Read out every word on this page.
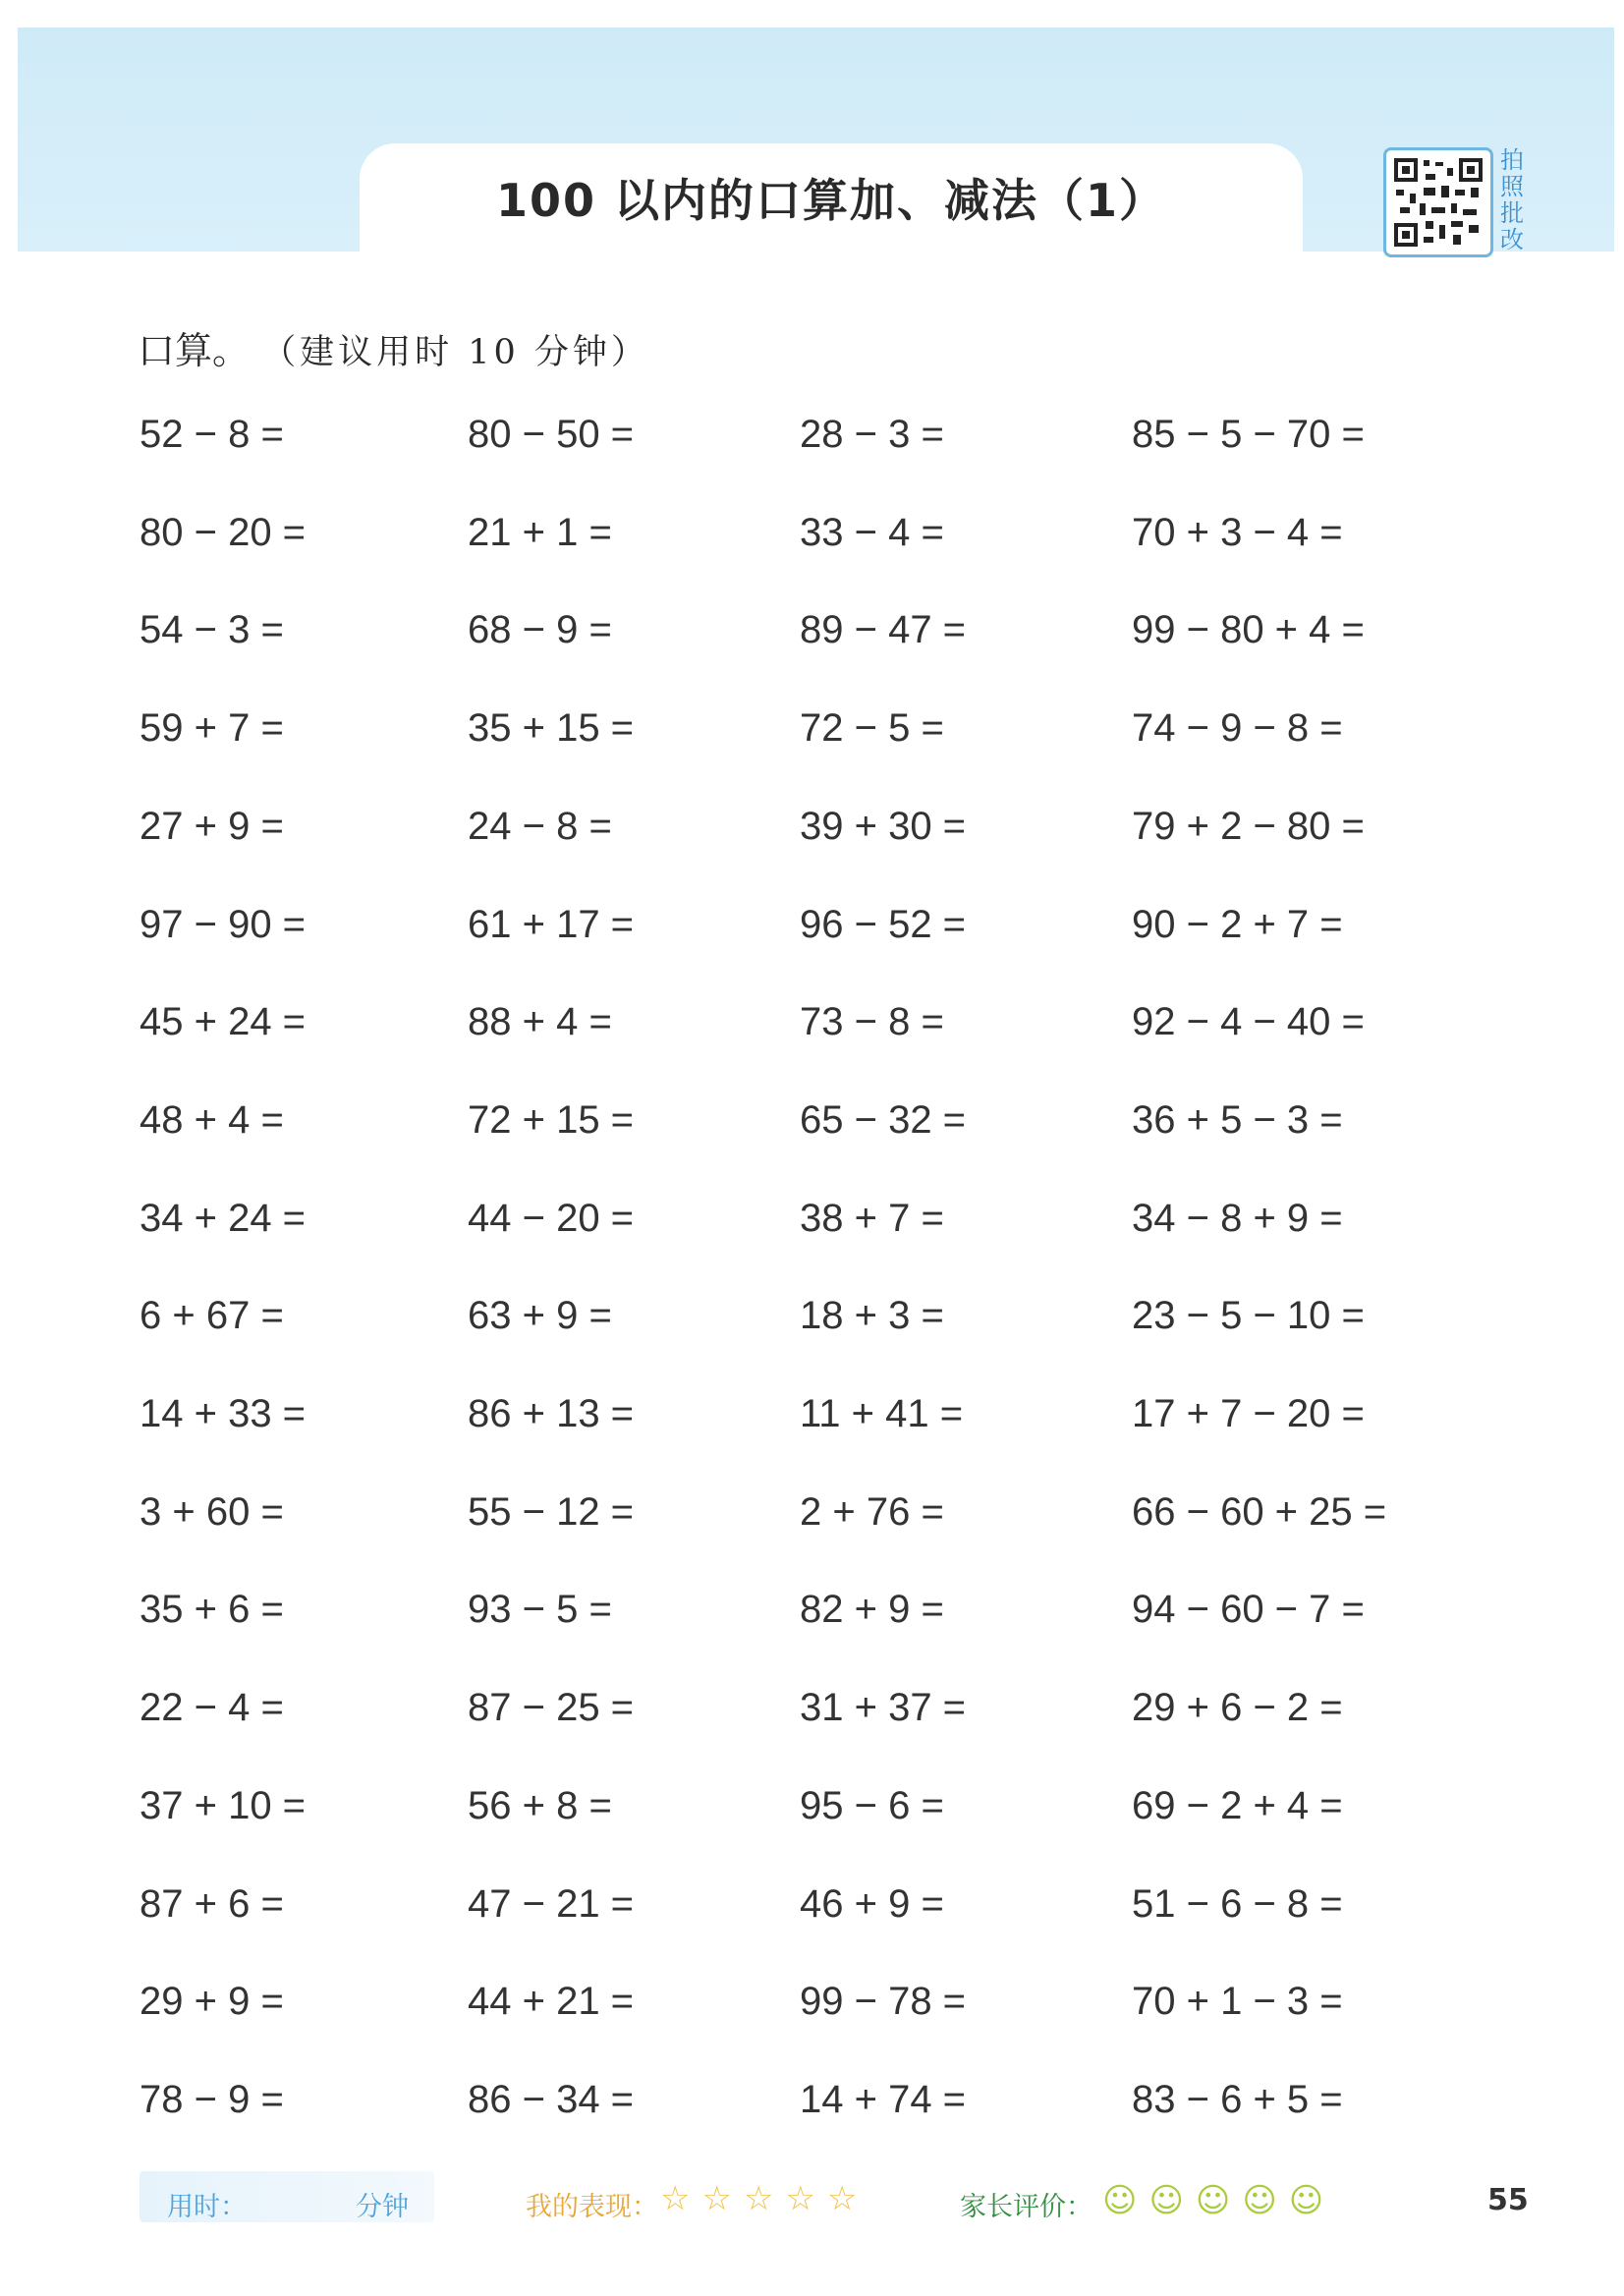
100 以内的口算加、减法（1）
拍
照
批
改
口算。 （建议用时 10 分钟）
52 − 8 =	80 − 50 =	28 − 3 =	85 − 5 − 70 =
80 − 20 =	21 + 1 =	33 − 4 =	70 + 3 − 4 =
54 − 3 =	68 − 9 =	89 − 47 =	99 − 80 + 4 =
59 + 7 =	35 + 15 =	72 − 5 =	74 − 9 − 8 =
27 + 9 =	24 − 8 =	39 + 30 =	79 + 2 − 80 =
97 − 90 =	61 + 17 =	96 − 52 =	90 − 2 + 7 =
45 + 24 =	88 + 4 =	73 − 8 =	92 − 4 − 40 =
48 + 4 =	72 + 15 =	65 − 32 =	36 + 5 − 3 =
34 + 24 =	44 − 20 =	38 + 7 =	34 − 8 + 9 =
6 + 67 =	63 + 9 =	18 + 3 =	23 − 5 − 10 =
14 + 33 =	86 + 13 =	11 + 41 =	17 + 7 − 20 =
3 + 60 =	55 − 12 =	2 + 76 =	66 − 60 + 25 =
35 + 6 =	93 − 5 =	82 + 9 =	94 − 60 − 7 =
22 − 4 =	87 − 25 =	31 + 37 =	29 + 6 − 2 =
37 + 10 =	56 + 8 =	95 − 6 =	69 − 2 + 4 =
87 + 6 =	47 − 21 =	46 + 9 =	51 − 6 − 8 =
29 + 9 =	44 + 21 =	99 − 78 =	70 + 1 − 3 =
78 − 9 =	86 − 34 =	14 + 74 =	83 − 6 + 5 =
用时：	分钟	我的表现： ☆☆☆☆☆	家长评价： ☺☺☺☺☺	55
